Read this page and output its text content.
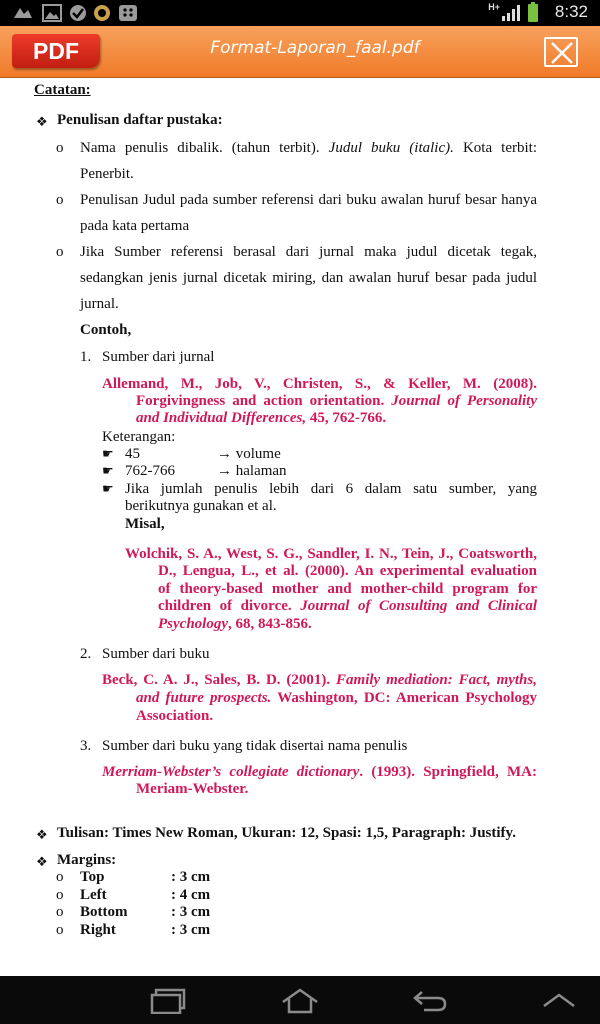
H+	8:32
PDF	Format-Laporan_faal.pdf
Catatan:
❖ Penulisan daftar pustaka:
o Nama penulis dibalik. (tahun terbit). Judul buku (italic). Kota terbit:
Penerbit.
o Penulisan Judul pada sumber referensi dari buku awalan huruf besar hanya
pada kata pertama
o Jika Sumber referensi berasal dari jurnal maka judul dicetak tegak,
sedangkan jenis jurnal dicetak miring, dan awalan huruf besar pada judul
jurnal.
Contoh,
1. Sumber dari jurnal
Allemand, M., Job, V., Christen, S., & Keller, M. (2008).
Forgivingness and action orientation. Journal of Personality
and Individual Differences, 45, 762-766.
Keterangan:
☛ 45	→ volume
☛ 762-766	→ halaman
☛ Jika jumlah penulis lebih dari 6 dalam satu sumber, yang
berikutnya gunakan et al.
Misal,
Wolchik, S. A., West, S. G., Sandler, I. N., Tein, J., Coatsworth,
D., Lengua, L., et al. (2000). An experimental evaluation
of theory-based mother and mother-child program for
children of divorce. Journal of Consulting and Clinical
Psychology, 68, 843-856.
2. Sumber dari buku
Beck, C. A. J., Sales, B. D. (2001). Family mediation: Fact, myths,
and future prospects. Washington, DC: American Psychology
Association.
3. Sumber dari buku yang tidak disertai nama penulis
Merriam-Webster’s collegiate dictionary. (1993). Springfield, MA:
Meriam-Webster.
❖ Tulisan: Times New Roman, Ukuran: 12, Spasi: 1,5, Paragraph: Justify.
❖ Margins:
o Top	: 3 cm
o Left	: 4 cm
o Bottom	: 3 cm
o Right	: 3 cm
